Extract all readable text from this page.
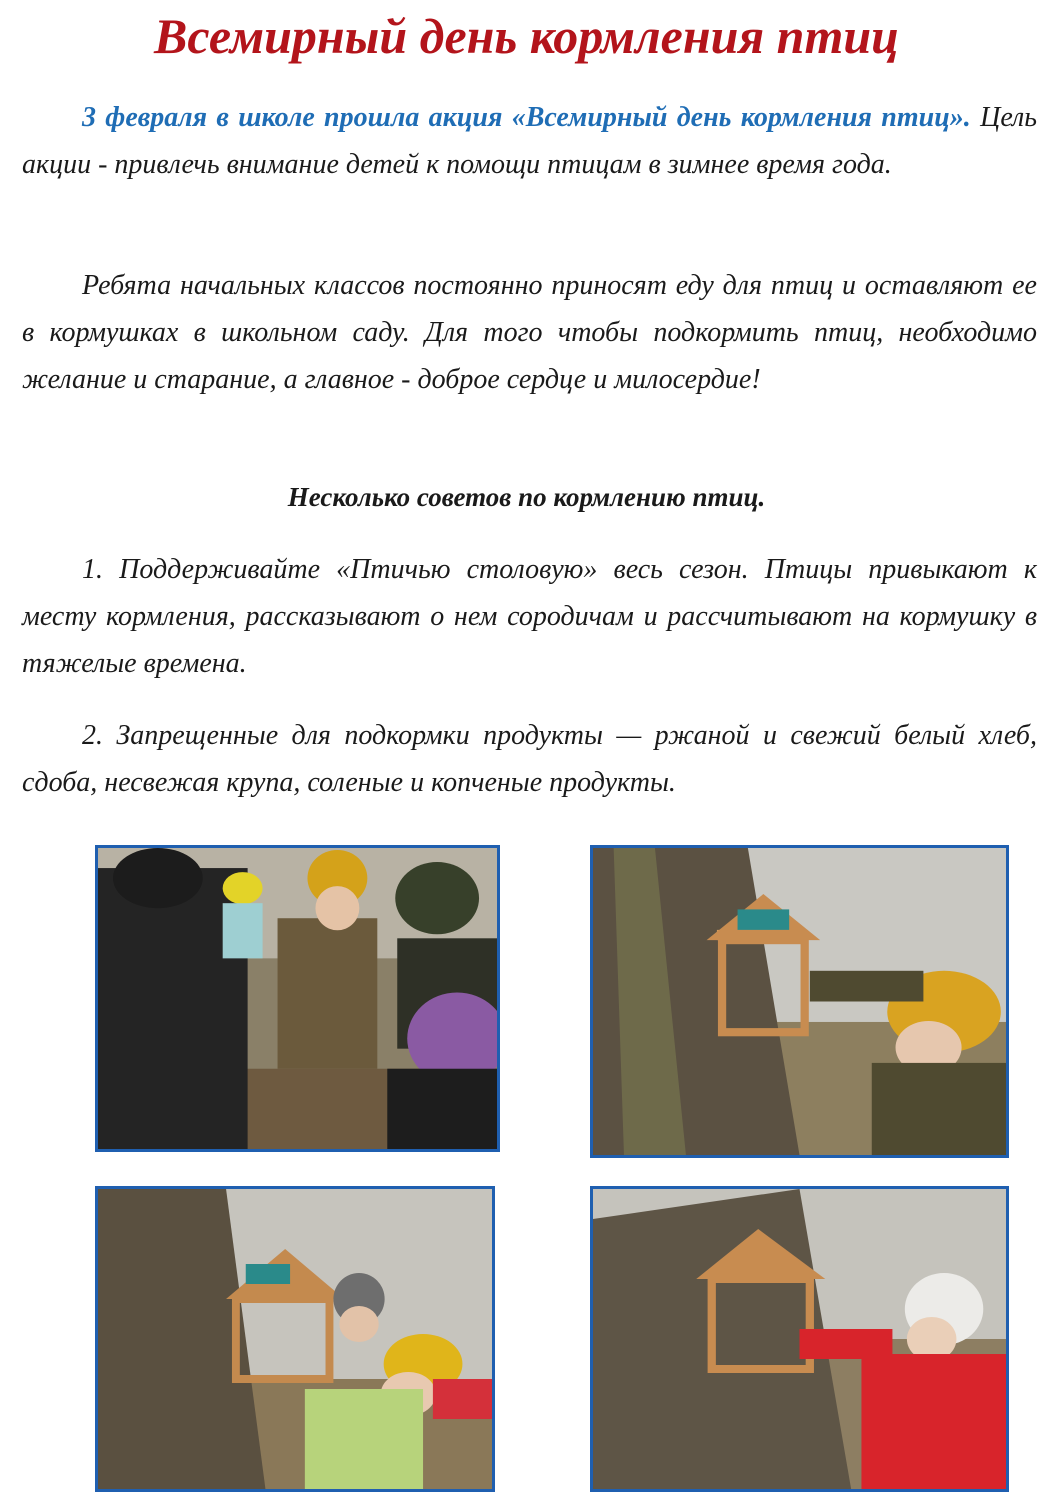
Всемирный день кормления птиц

3 февраля в школе прошла акция «Всемирный день кормления птиц». Цель акции - привлечь внимание детей к помощи птицам в зимнее время года.

Ребята начальных классов постоянно приносят еду для птиц и оставляют ее в кормушках в школьном саду. Для того чтобы подкормить птиц, необходимо желание и старание, а главное - доброе сердце и милосердие!

Несколько советов по кормлению птиц.

1. Поддерживайте «Птичью столовую» весь сезон. Птицы привыкают к месту кормления, рассказывают о нем сородичам и рассчитывают на кормушку в тяжелые времена.

2. Запрещенные для подкормки продукты — ржаной и свежий белый хлеб, сдоба, несвежая крупа, соленые и копченые продукты.
